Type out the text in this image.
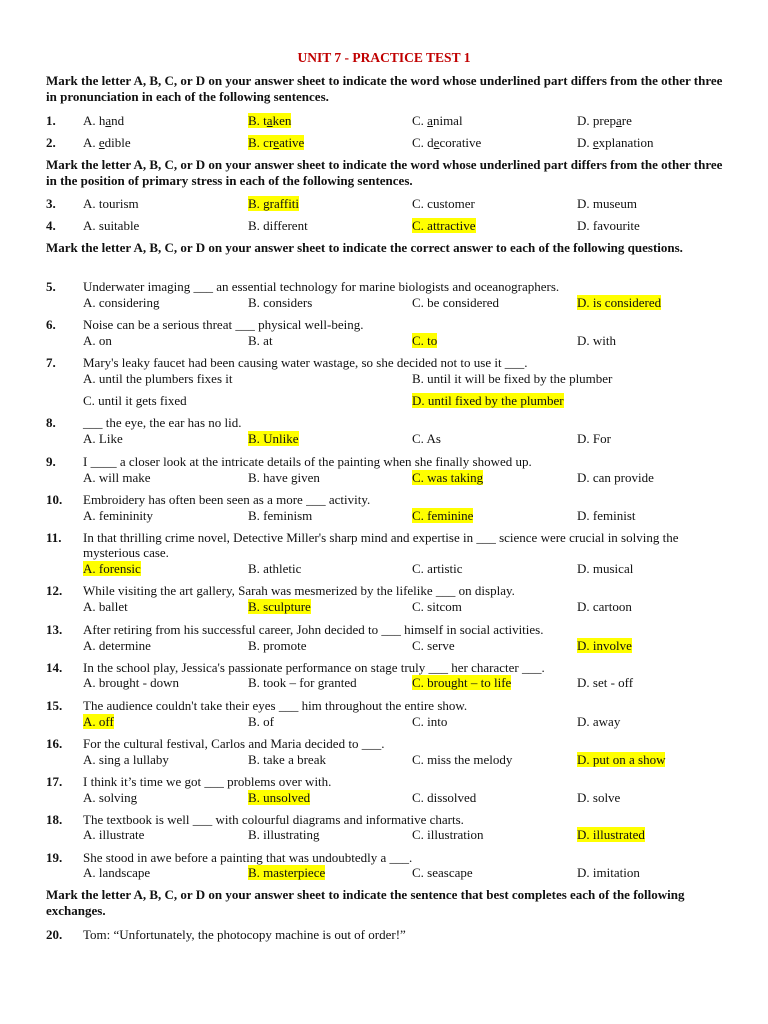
UNIT 7 - PRACTICE TEST 1
Mark the letter A, B, C, or D on your answer sheet to indicate the word whose underlined part differs from the other three in pronunciation in each of the following sentences.
Mark the letter A, B, C, or D on your answer sheet to indicate the word whose underlined part differs from the other three in the position of primary stress in each of the following sentences.
Mark the letter A, B, C, or D on your answer sheet to indicate the correct answer to each of the following questions.
Mark the letter A, B, C, or D on your answer sheet to indicate the sentence that best completes each of the following exchanges.
1. A. hand	B. taken	C. animal	D. prepare
2. A. edible	B. creative	C. decorative	D. explanation
3. A. tourism	B. graffiti	C. customer	D. museum
4. A. suitable	B. different	C. attractive	D. favourite
5. Underwater imaging ___ an essential technology for marine biologists and oceanographers.
A. considering	B. considers	C. be considered	D. is considered
6. Noise can be a serious threat ___ physical well-being.
A. on	B. at	C. to	D. with
7. Mary's leaky faucet had been causing water wastage, so she decided not to use it ___.
A. until the plumbers fixes it	B. until it will be fixed by the plumber
C. until it gets fixed	D. until fixed by the plumber
8. ___ the eye, the ear has no lid.
A. Like	B. Unlike	C. As	D. For
9. I ____ a closer look at the intricate details of the painting when she finally showed up.
A. will make	B. have given	C. was taking	D. can provide
10. Embroidery has often been seen as a more ___ activity.
A. femininity	B. feminism	C. feminine	D. feminist
11. In that thrilling crime novel, Detective Miller's sharp mind and expertise in ___ science were crucial in solving the mysterious case.
A. forensic	B. athletic	C. artistic	D. musical
12. While visiting the art gallery, Sarah was mesmerized by the lifelike ___ on display.
A. ballet	B. sculpture	C. sitcom	D. cartoon
13. After retiring from his successful career, John decided to ___ himself in social activities.
A. determine	B. promote	C. serve	D. involve
14. In the school play, Jessica's passionate performance on stage truly ___ her character ___.
A. brought - down	B. took – for granted	C. brought – to life	D. set - off
15. The audience couldn't take their eyes ___ him throughout the entire show.
A. off	B. of	C. into	D. away
16. For the cultural festival, Carlos and Maria decided to ___.
A. sing a lullaby	B. take a break	C. miss the melody	D. put on a show
17. I think it’s time we got ___ problems over with.
A. solving	B. unsolved	C. dissolved	D. solve
18. The textbook is well ___ with colourful diagrams and informative charts.
A. illustrate	B. illustrating	C. illustration	D. illustrated
19. She stood in awe before a painting that was undoubtedly a ___.
A. landscape	B. masterpiece	C. seascape	D. imitation
20. Tom: “Unfortunately, the photocopy machine is out of order!”
